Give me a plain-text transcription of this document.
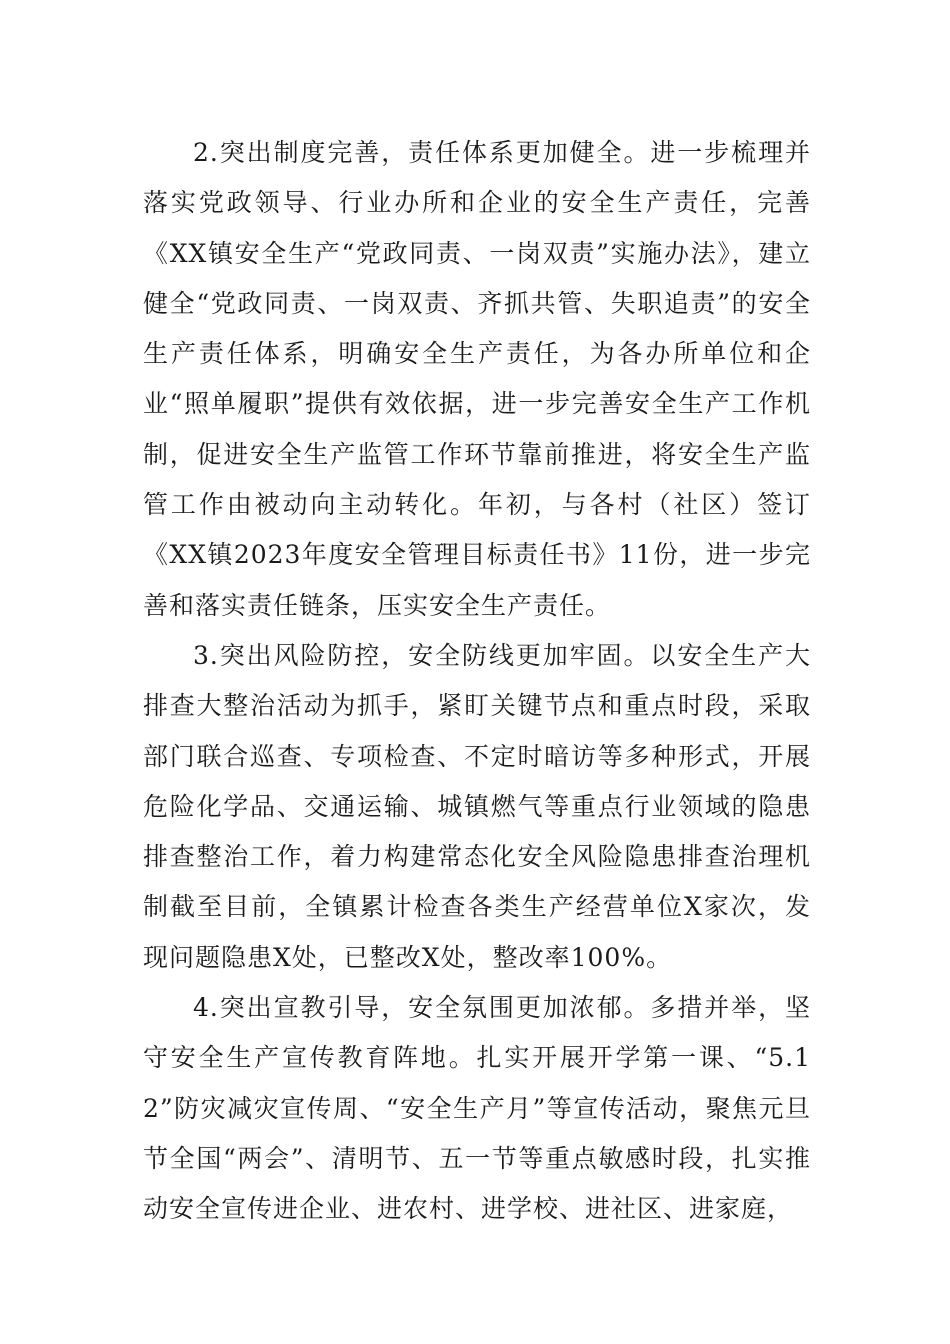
2.突出制度完善，责任体系更加健全。进一步梳理并落实党政领导、行业办所和企业的安全生产责任，完善《XX镇安全生产“党政同责、一岗双责”实施办法》，建立健全“党政同责、一岗双责、齐抓共管、失职追责”的安全生产责任体系，明确安全生产责任，为各办所单位和企业“照单履职”提供有效依据，进一步完善安全生产工作机制，促进安全生产监管工作环节靠前推进，将安全生产监管工作由被动向主动转化。年初，与各村（社区）签订《XX镇2023年度安全管理目标责任书》11份，进一步完善和落实责任链条，压实安全生产责任。

3.突出风险防控，安全防线更加牢固。以安全生产大排查大整治活动为抓手，紧盯关键节点和重点时段，采取部门联合巡查、专项检查、不定时暗访等多种形式，开展危险化学品、交通运输、城镇燃气等重点行业领域的隐患排查整治工作，着力构建常态化安全风险隐患排查治理机制截至目前，全镇累计检查各类生产经营单位X家次，发现问题隐患X处，已整改X处，整改率100%。

4.突出宣教引导，安全氛围更加浓郁。多措并举，坚守安全生产宣传教育阵地。扎实开展开学第一课、“5.12”防灾减灾宣传周、“安全生产月”等宣传活动，聚焦元旦节全国“两会”、清明节、五一节等重点敏感时段，扎实推动安全宣传进企业、进农村、进学校、进社区、进家庭，
